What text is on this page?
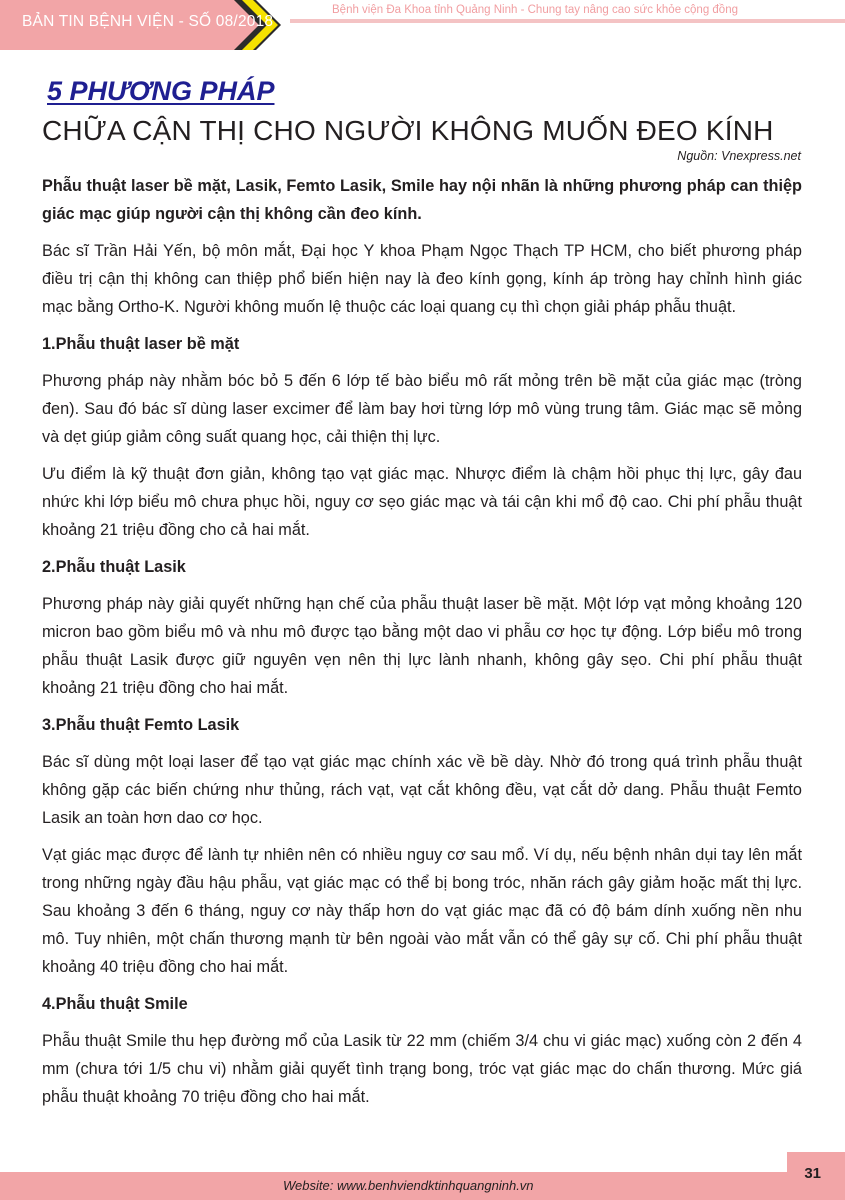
BẢN TIN BỆNH VIỆN - SỐ 08/2018
Bệnh viện Đa Khoa tỉnh Quảng Ninh - Chung tay nâng cao sức khỏe cộng đồng
5 PHƯƠNG PHÁP
CHỮA CẬN THỊ CHO NGƯỜI KHÔNG MUỐN ĐEO KÍNH
Nguồn: Vnexpress.net

Phẫu thuật laser bề mặt, Lasik, Femto Lasik, Smile hay nội nhãn là những phương pháp can thiệp giác mạc giúp người cận thị không cần đeo kính.

Bác sĩ Trần Hải Yến, bộ môn mắt, Đại học Y khoa Phạm Ngọc Thạch TP HCM, cho biết phương pháp điều trị cận thị không can thiệp phổ biến hiện nay là đeo kính gọng, kính áp tròng hay chỉnh hình giác mạc bằng Ortho-K. Người không muốn lệ thuộc các loại quang cụ thì chọn giải pháp phẫu thuật.

1.Phẫu thuật laser bề mặt

Phương pháp này nhằm bóc bỏ 5 đến 6 lớp tế bào biểu mô rất mỏng trên bề mặt của giác mạc (tròng đen). Sau đó bác sĩ dùng laser excimer để làm bay hơi từng lớp mô vùng trung tâm. Giác mạc sẽ mỏng và dẹt giúp giảm công suất quang học, cải thiện thị lực.

Ưu điểm là kỹ thuật đơn giản, không tạo vạt giác mạc. Nhược điểm là chậm hồi phục thị lực, gây đau nhức khi lớp biểu mô chưa phục hồi, nguy cơ sẹo giác mạc và tái cận khi mổ độ cao. Chi phí phẫu thuật khoảng 21 triệu đồng cho cả hai mắt.

2.Phẫu thuật Lasik

Phương pháp này giải quyết những hạn chế của phẫu thuật laser bề mặt. Một lớp vạt mỏng khoảng 120 micron bao gồm biểu mô và nhu mô được tạo bằng một dao vi phẫu cơ học tự động. Lớp biểu mô trong phẫu thuật Lasik được giữ nguyên vẹn nên thị lực lành nhanh, không gây sẹo. Chi phí phẫu thuật khoảng 21 triệu đồng cho hai mắt.

3.Phẫu thuật Femto Lasik

Bác sĩ dùng một loại laser để tạo vạt giác mạc chính xác về bề dày. Nhờ đó trong quá trình phẫu thuật không gặp các biến chứng như thủng, rách vạt, vạt cắt không đều, vạt cắt dở dang. Phẫu thuật Femto Lasik an toàn hơn dao cơ học.

Vạt giác mạc được để lành tự nhiên nên có nhiều nguy cơ sau mổ. Ví dụ, nếu bệnh nhân dụi tay lên mắt trong những ngày đầu hậu phẫu, vạt giác mạc có thể bị bong tróc, nhăn rách gây giảm hoặc mất thị lực. Sau khoảng 3 đến 6 tháng, nguy cơ này thấp hơn do vạt giác mạc đã có độ bám dính xuống nền nhu mô. Tuy nhiên, một chấn thương mạnh từ bên ngoài vào mắt vẫn có thể gây sự cố. Chi phí phẫu thuật khoảng 40 triệu đồng cho hai mắt.

4.Phẫu thuật Smile

Phẫu thuật Smile thu hẹp đường mổ của Lasik từ 22 mm (chiếm 3/4 chu vi giác mạc) xuống còn 2 đến 4 mm (chưa tới 1/5 chu vi) nhằm giải quyết tình trạng bong, tróc vạt giác mạc do chấn thương. Mức giá phẫu thuật khoảng 70 triệu đồng cho hai mắt.

Website: www.benhviendktinhquangninh.vn
31
